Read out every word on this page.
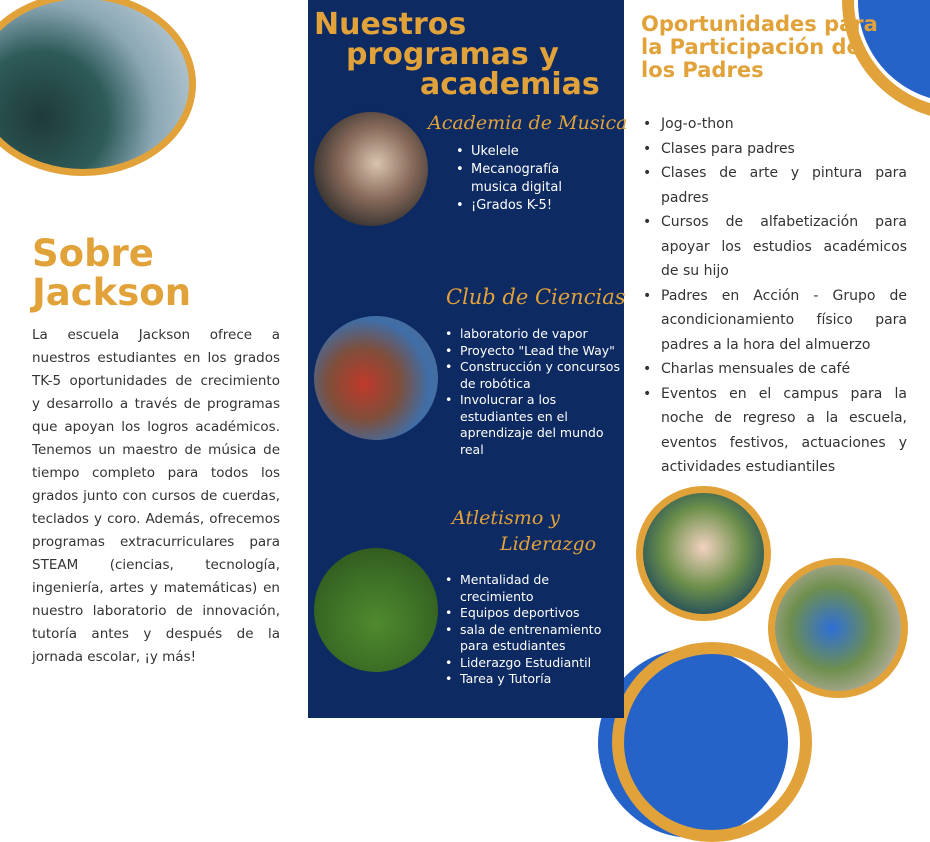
Sobre Jackson
La escuela Jackson ofrece a nuestros estudiantes en los grados TK-5 oportunidades de crecimiento y desarrollo a través de programas que apoyan los logros académicos. Tenemos un maestro de música de tiempo completo para todos los grados junto con cursos de cuerdas, teclados y coro. Además, ofrecemos programas extracurriculares para STEAM (ciencias, tecnología, ingeniería, artes y matemáticas) en nuestro laboratorio de innovación, tutoría antes y después de la jornada escolar, ¡y más!
Nuestros
programas y
academias
Academia de Musica
• Ukelele
• Mecanografía musica digital
• ¡Grados K-5!
Club de Ciencias
• laboratorio de vapor
• Proyecto "Lead the Way"
• Construcción y concursos de robótica
• Involucrar a los estudiantes en el aprendizaje del mundo real
Atletismo y
Liderazgo
• Mentalidad de crecimiento
• Equipos deportivos
• sala de entrenamiento para estudiantes
• Liderazgo Estudiantil
• Tarea y Tutoría
Oportunidades para la Participación de los Padres
• Jog-o-thon
• Clases para padres
• Clases de arte y pintura para padres
• Cursos de alfabetización para apoyar los estudios académicos de su hijo
• Padres en Acción - Grupo de acondicionamiento físico para padres a la hora del almuerzo
• Charlas mensuales de café
• Eventos en el campus para la noche de regreso a la escuela, eventos festivos, actuaciones y actividades estudiantiles
